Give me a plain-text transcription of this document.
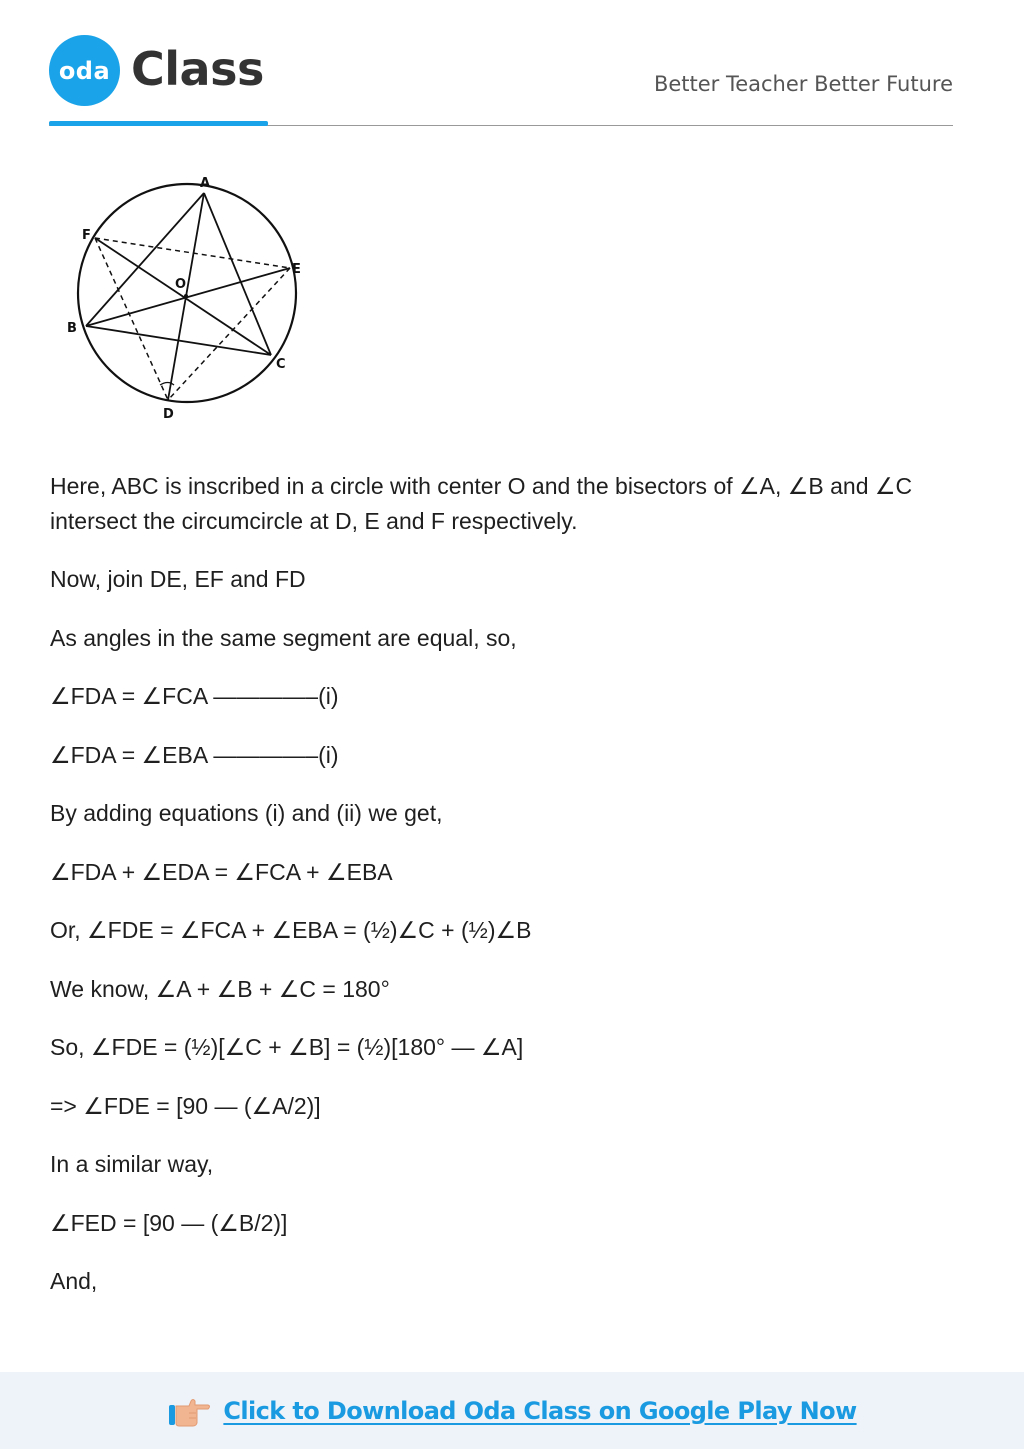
oda Class	Better Teacher Better Future
A
B
C
D
E
F
O

Here, ABC is inscribed in a circle with center O and the bisectors of ∠A, ∠B and ∠C intersect the circumcircle at D, E and F respectively.

Now, join DE, EF and FD

As angles in the same segment are equal, so,

∠FDA = ∠FCA ————–(i)

∠FDA = ∠EBA ————–(i)

By adding equations (i) and (ii) we get,

∠FDA + ∠EDA = ∠FCA + ∠EBA

Or, ∠FDE = ∠FCA + ∠EBA = (½)∠C + (½)∠B

We know, ∠A + ∠B + ∠C = 180°

So, ∠FDE = (½)[∠C + ∠B] = (½)[180° — ∠A]

=> ∠FDE = [90 — (∠A/2)]

In a similar way,

∠FED = [90 — (∠B/2)]

And,

Click to Download Oda Class on Google Play Now
